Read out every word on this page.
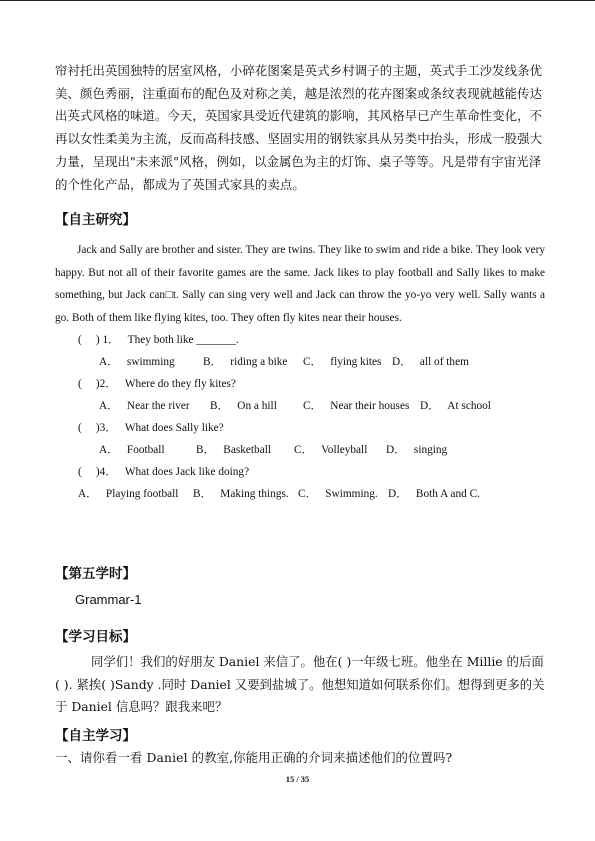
帘衬托出英国独特的居室风格，小碎花图案是英式乡村调子的主题，英式手工沙发线条优美、颜色秀丽，注重面布的配色及对称之美，越是浓烈的花卉图案或条纹表现就越能传达出英式风格的味道。今天，英国家具受近代建筑的影响，其风格早已产生革命性变化，不再以女性柔美为主流，反而高科技感、坚固实用的钢铁家具从另类中抬头，形成一股强大力量，呈现出"未来派"风格，例如，以金属色为主的灯饰、桌子等等。凡是带有宇宙光泽的个性化产品，都成为了英国式家具的卖点。

【自主研究】

Jack and Sally are brother and sister. They are twins. They like to swim and ride a bike. They look very happy. But not all of their favorite games are the same. Jack likes to play football and Sally likes to make something, but Jack can□t. Sally can sing very well and Jack can throw the yo-yo very well. Sally wants a go. Both of them like flying kites, too. They often fly kites near their houses.

(     ) 1．   They both like _______.
A．   swimming	B．   riding a bike C．   flying kites D．   all of them
(     )2．   Where do they fly kites?
A．   Near the river B．   On a hill C．   Near their houses D．   At school
(     )3．   What does Sally like?
A．   Football	B．   Basketball C．   Volleyball D．   singing
(     )4．   What does Jack like doing?
A．   Playing football B．   Making things. C．   Swimming. D．   Both A and C.
【第五学时】
Grammar-1
【学习目标】

同学们！我们的好朋友 Daniel 来信了。他在( )一年级七班。他坐在 Millie 的后面 ( ). 紧挨( )Sandy .同时 Daniel 又要到盐城了。他想知道如何联系你们。想得到更多的关于 Daniel 信息吗？跟我来吧？

【自主学习】
一、请你看一看 Daniel 的教室,你能用正确的介词来描述他们的位置吗?
15 / 35
